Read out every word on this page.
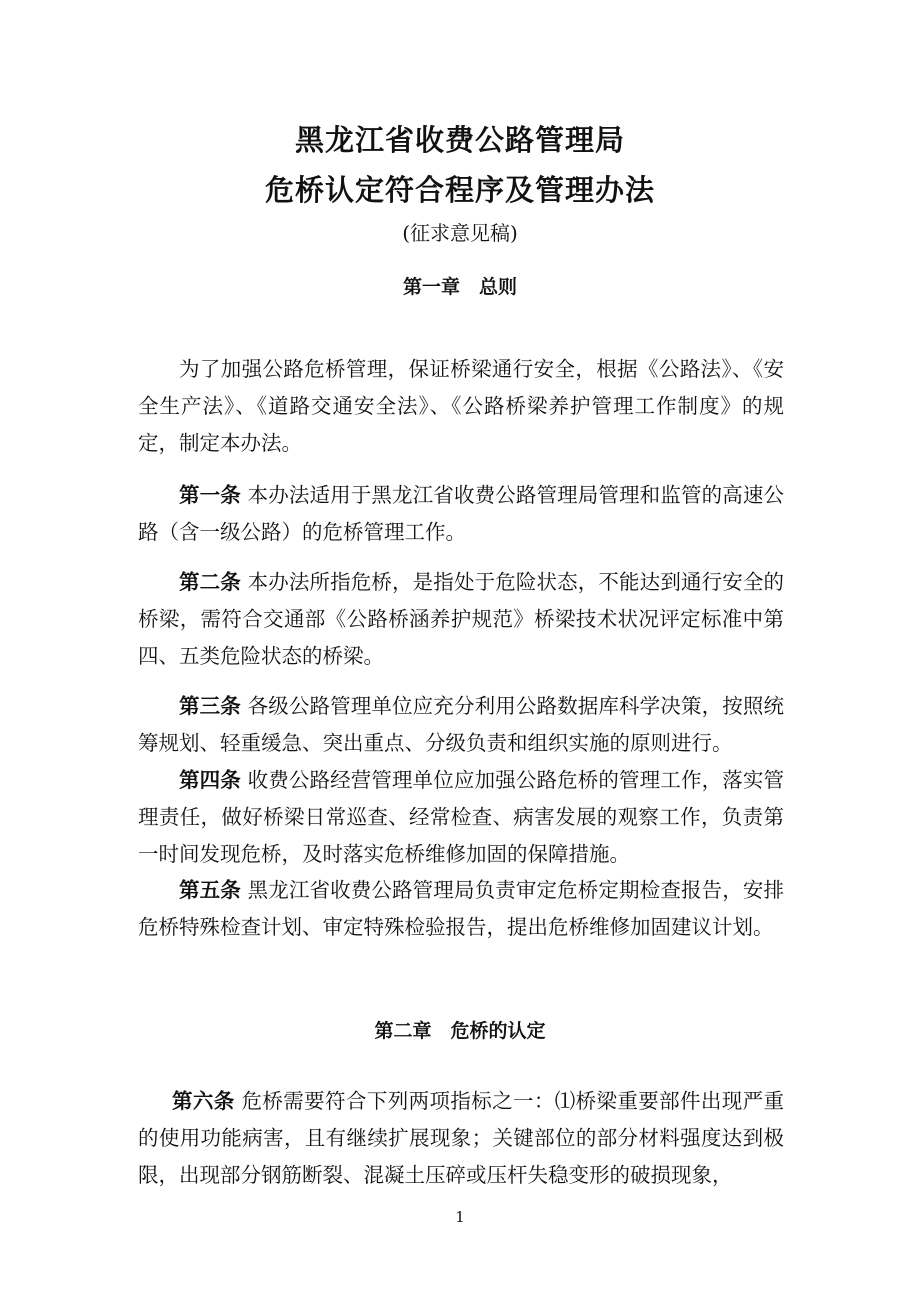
黑龙江省收费公路管理局
危桥认定符合程序及管理办法
(征求意见稿)
第一章　总则
为了加强公路危桥管理，保证桥梁通行安全，根据《公路法》、《安全生产法》、《道路交通安全法》、《公路桥梁养护管理工作制度》的规定，制定本办法。
第一条 本办法适用于黑龙江省收费公路管理局管理和监管的高速公路（含一级公路）的危桥管理工作。
第二条 本办法所指危桥，是指处于危险状态，不能达到通行安全的桥梁，需符合交通部《公路桥涵养护规范》桥梁技术状况评定标准中第四、五类危险状态的桥梁。
第三条 各级公路管理单位应充分利用公路数据库科学决策，按照统筹规划、轻重缓急、突出重点、分级负责和组织实施的原则进行。
第四条 收费公路经营管理单位应加强公路危桥的管理工作，落实管理责任，做好桥梁日常巡查、经常检查、病害发展的观察工作，负责第一时间发现危桥，及时落实危桥维修加固的保障措施。
第五条 黑龙江省收费公路管理局负责审定危桥定期检查报告，安排危桥特殊检查计划、审定特殊检验报告，提出危桥维修加固建议计划。
第二章　危桥的认定
第六条 危桥需要符合下列两项指标之一：⑴桥梁重要部件出现严重的使用功能病害，且有继续扩展现象；关键部位的部分材料强度达到极限，出现部分钢筋断裂、混凝土压碎或压杆失稳变形的破损现象，
1
